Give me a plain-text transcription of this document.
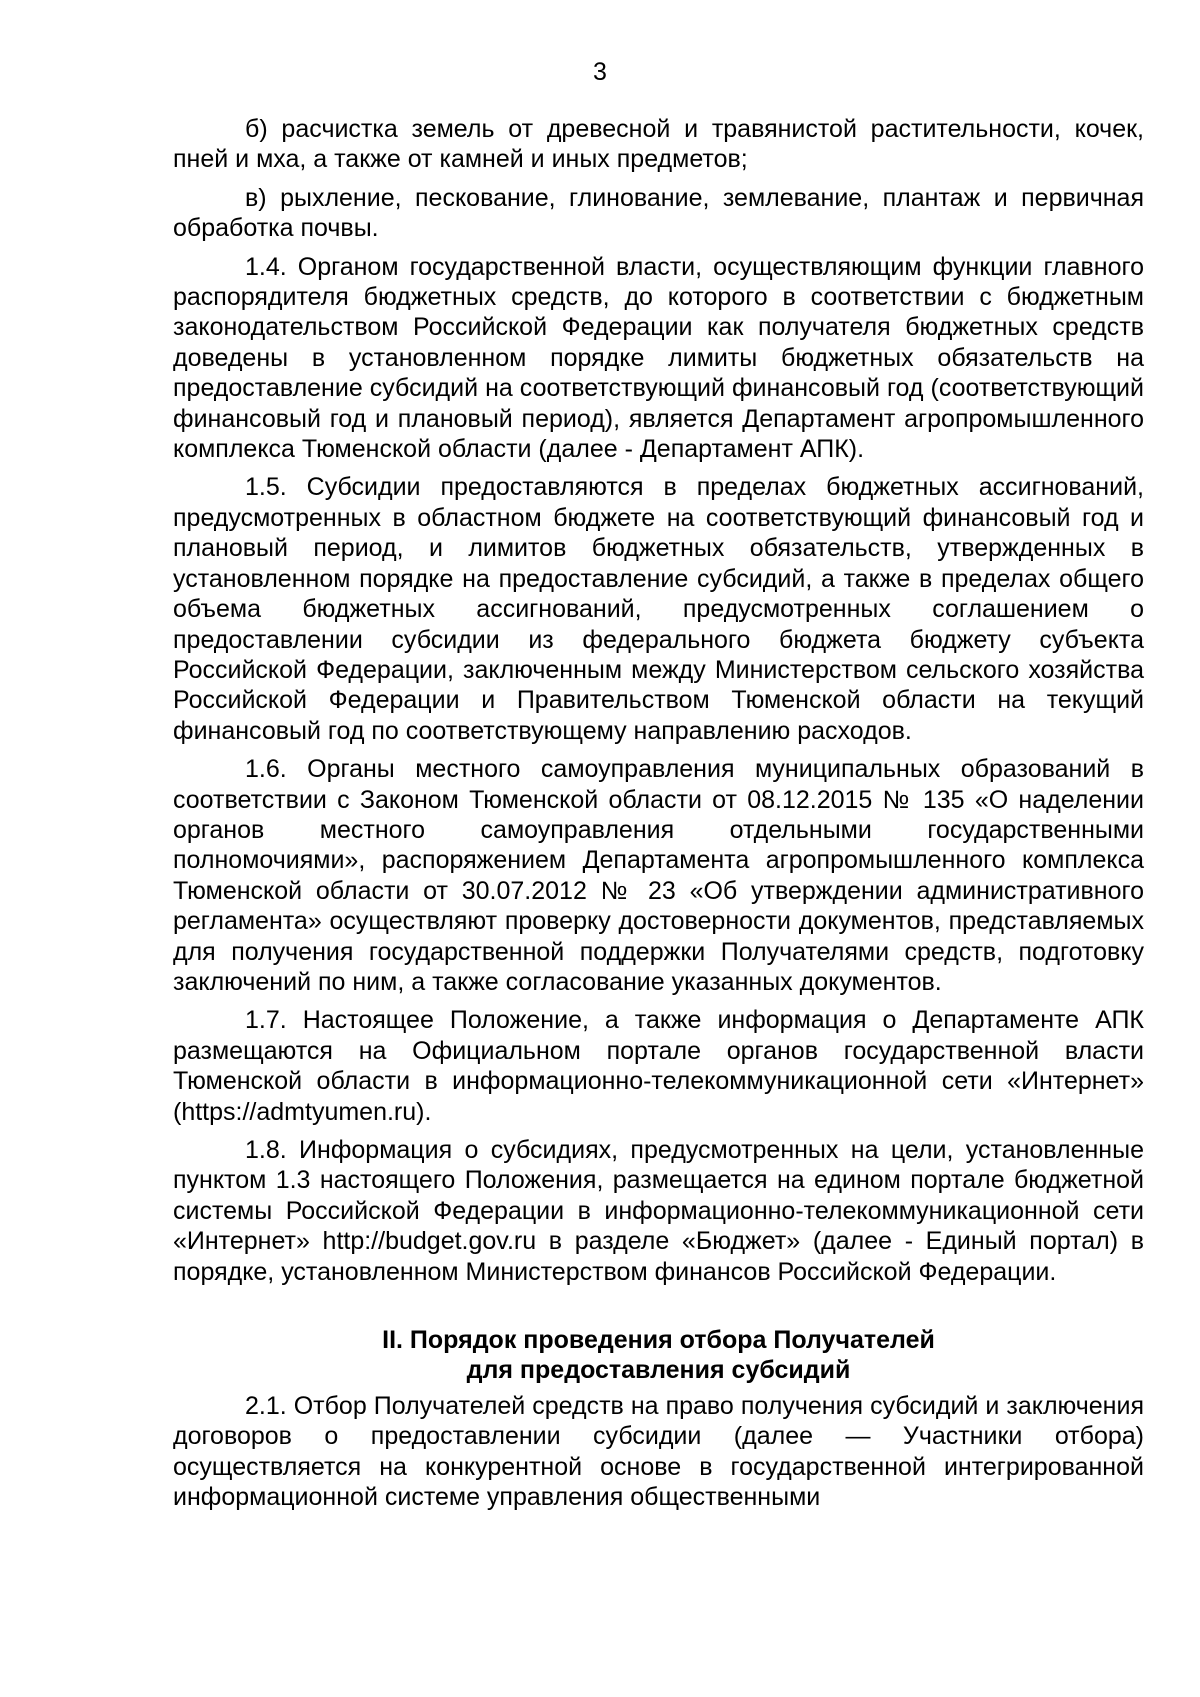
3

б) расчистка земель от древесной и травянистой растительности, кочек, пней и мха, а также от камней и иных предметов;

в) рыхление, пескование, глинование, землевание, плантаж и первичная обработка почвы.

1.4. Органом государственной власти, осуществляющим функции главного распорядителя бюджетных средств, до которого в соответствии с бюджетным законодательством Российской Федерации как получателя бюджетных средств доведены в установленном порядке лимиты бюджетных обязательств на предоставление субсидий на соответствующий финансовый год (соответствующий финансовый год и плановый период), является Департамент агропромышленного комплекса Тюменской области (далее - Департамент АПК).

1.5. Субсидии предоставляются в пределах бюджетных ассигнований, предусмотренных в областном бюджете на соответствующий финансовый год и плановый период, и лимитов бюджетных обязательств, утвержденных в установленном порядке на предоставление субсидий, а также в пределах общего объема бюджетных ассигнований, предусмотренных соглашением о предоставлении субсидии из федерального бюджета бюджету субъекта Российской Федерации, заключенным между Министерством сельского хозяйства Российской Федерации и Правительством Тюменской области на текущий финансовый год по соответствующему направлению расходов.

1.6. Органы местного самоуправления муниципальных образований в соответствии с Законом Тюменской области от 08.12.2015 № 135 «О наделении органов местного самоуправления отдельными государственными полномочиями», распоряжением Департамента агропромышленного комплекса Тюменской области от 30.07.2012 № 23 «Об утверждении административного регламента» осуществляют проверку достоверности документов, представляемых для получения государственной поддержки Получателями средств, подготовку заключений по ним, а также согласование указанных документов.

1.7. Настоящее Положение, а также информация о Департаменте АПК размещаются на Официальном портале органов государственной власти Тюменской области в информационно-телекоммуникационной сети «Интернет» (https://admtyumen.ru).

1.8. Информация о субсидиях, предусмотренных на цели, установленные пунктом 1.3 настоящего Положения, размещается на едином портале бюджетной системы Российской Федерации в информационно-телекоммуникационной сети «Интернет» http://budget.gov.ru в разделе «Бюджет» (далее - Единый портал) в порядке, установленном Министерством финансов Российской Федерации.

II. Порядок проведения отбора Получателей
для предоставления субсидий

2.1. Отбор Получателей средств на право получения субсидий и заключения договоров о предоставлении субсидии (далее — Участники отбора) осуществляется на конкурентной основе в государственной интегрированной информационной системе управления общественными
